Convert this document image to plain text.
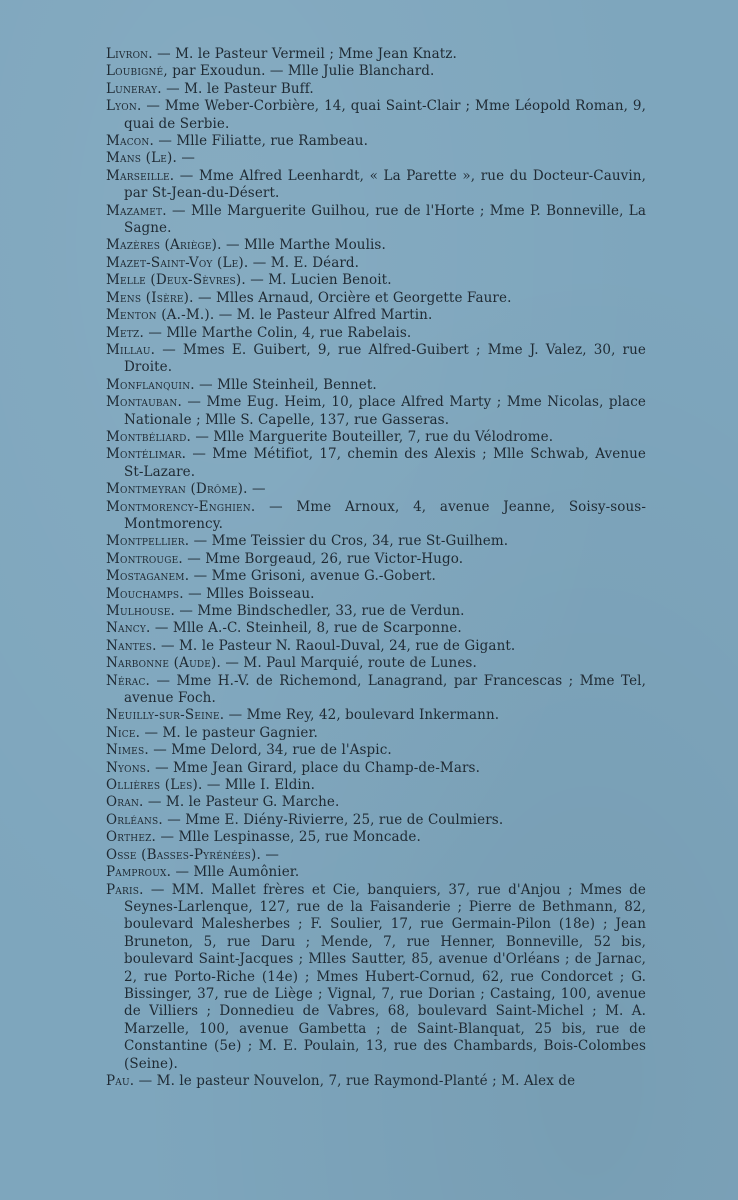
Livron. — M. le Pasteur Vermeil ; Mme Jean Knatz.
Loubigné, par Exoudun. — Mlle Julie Blanchard.
Luneray. — M. le Pasteur Buff.
Lyon. — Mme Weber-Corbière, 14, quai Saint-Clair ; Mme Léopold Roman, 9, quai de Serbie.
Macon. — Mlle Filiatte, rue Rambeau.
Mans (Le). —
Marseille. — Mme Alfred Leenhardt, « La Parette », rue du Docteur-Cauvin, par St-Jean-du-Désert.
Mazamet. — Mlle Marguerite Guilhou, rue de l'Horte ; Mme P. Bonneville, La Sagne.
Mazères (Ariège). — Mlle Marthe Moulis.
Mazet-Saint-Voy (Le). — M. E. Déard.
Melle (Deux-Sèvres). — M. Lucien Benoit.
Mens (Isère). — Mlles Arnaud, Orcière et Georgette Faure.
Menton (A.-M.). — M. le Pasteur Alfred Martin.
Metz. — Mlle Marthe Colin, 4, rue Rabelais.
Millau. — Mmes E. Guibert, 9, rue Alfred-Guibert ; Mme J. Valez, 30, rue Droite.
Monflanquin. — Mlle Steinheil, Bennet.
Montauban. — Mme Eug. Heim, 10, place Alfred Marty ; Mme Nicolas, place Nationale ; Mlle S. Capelle, 137, rue Gasseras.
Montbéliard. — Mlle Marguerite Bouteiller, 7, rue du Vélodrome.
Montélimar. — Mme Métifiot, 17, chemin des Alexis ; Mlle Schwab, Avenue St-Lazare.
Montmeyran (Drôme). —
Montmorency-Enghien. — Mme Arnoux, 4, avenue Jeanne, Soisy-sous-Montmorency.
Montpellier. — Mme Teissier du Cros, 34, rue St-Guilhem.
Montrouge. — Mme Borgeaud, 26, rue Victor-Hugo.
Mostaganem. — Mme Grisoni, avenue G.-Gobert.
Mouchamps. — Mlles Boisseau.
Mulhouse. — Mme Bindschedler, 33, rue de Verdun.
Nancy. — Mlle A.-C. Steinheil, 8, rue de Scarponne.
Nantes. — M. le Pasteur N. Raoul-Duval, 24, rue de Gigant.
Narbonne (Aude). — M. Paul Marquié, route de Lunes.
Nérac. — Mme H.-V. de Richemond, Lanagrand, par Francescas ; Mme Tel, avenue Foch.
Neuilly-sur-Seine. — Mme Rey, 42, boulevard Inkermann.
Nice. — M. le pasteur Gagnier.
Nimes. — Mme Delord, 34, rue de l'Aspic.
Nyons. — Mme Jean Girard, place du Champ-de-Mars.
Ollières (Les). — Mlle I. Eldin.
Oran. — M. le Pasteur G. Marche.
Orléans. — Mme E. Diény-Rivierre, 25, rue de Coulmiers.
Orthez. — Mlle Lespinasse, 25, rue Moncade.
Osse (Basses-Pyrénées). —
Pamproux. — Mlle Aumônier.
Paris. — MM. Mallet frères et Cie, banquiers, 37, rue d'Anjou ; Mmes de Seynes-Larlenque, 127, rue de la Faisanderie ; Pierre de Bethmann, 82, boulevard Malesherbes ; F. Soulier, 17, rue Germain-Pilon (18e) ; Jean Bruneton, 5, rue Daru ; Mende, 7, rue Henner, Bonneville, 52 bis, boulevard Saint-Jacques ; Mlles Sautter, 85, avenue d'Orléans ; de Jarnac, 2, rue Porto-Riche (14e) ; Mmes Hubert-Cornud, 62, rue Condorcet ; G. Bissinger, 37, rue de Liège ; Vignal, 7, rue Dorian ; Castaing, 100, avenue de Villiers ; Donnedieu de Vabres, 68, boulevard Saint-Michel ; M. A. Marzelle, 100, avenue Gambetta ; de Saint-Blanquat, 25 bis, rue de Constantine (5e) ; M. E. Poulain, 13, rue des Chambards, Bois-Colombes (Seine).
Pau. — M. le pasteur Nouvelon, 7, rue Raymond-Planté ; M. Alex de
